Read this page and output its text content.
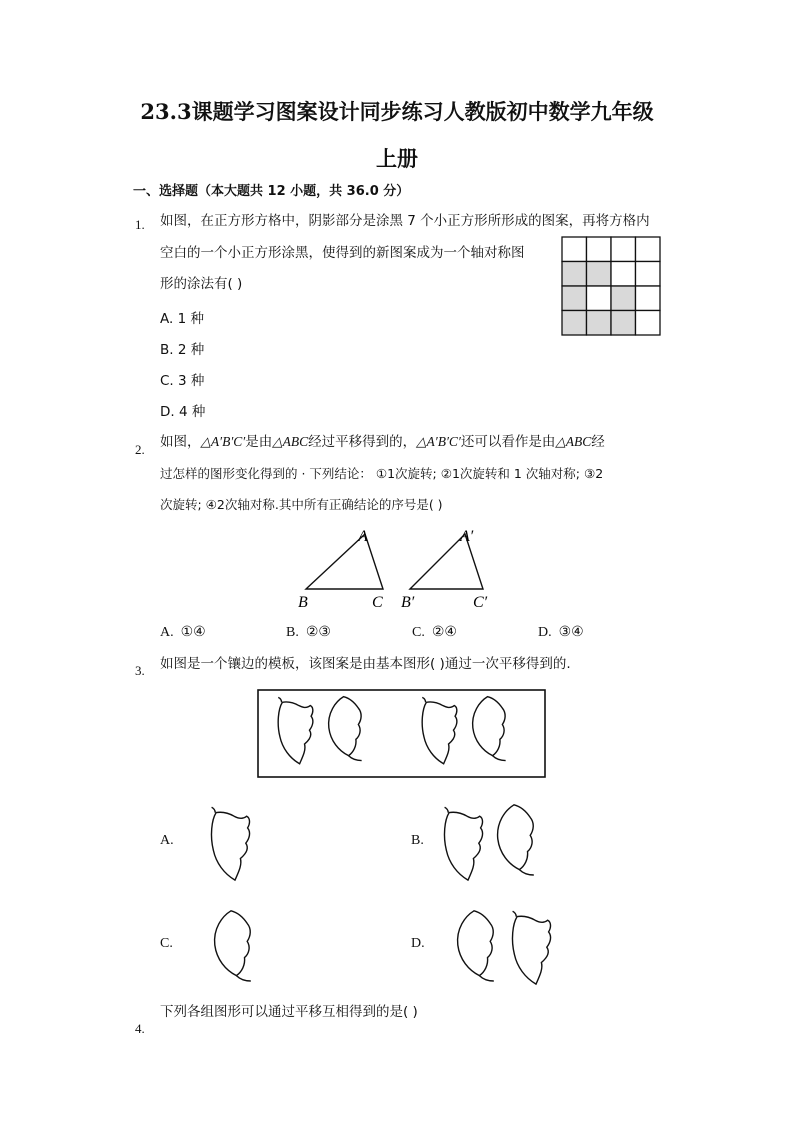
23.3课题学习图案设计同步练习人教版初中数学九年级
上册
一、选择题（本大题共 12 小题，共 36.0 分）
1. 如图，在正方形方格中，阴影部分是涂黑 7 个小正方形所形成的图案，再将方格内
空白的一个小正方形涂黑，使得到的新图案成为一个轴对称图
形的涂法有( )
A. 1 种
B. 2 种
C. 3 种
D. 4 种
2. 如图，△A′B′C′是由△ABC经过平移得到的，△A′B′C′还可以看作是由△ABC经
过怎样的图形变化得到的 · 下列结论： ①1次旋转; ②1次旋转和 1 次轴对称; ③2
次旋转; ④2次轴对称.其中所有正确结论的序号是( )
A
B	C
A′
B′	C′
A. ①④	B. ②③	C. ②④	D. ③④
3. 如图是一个镶边的模板，该图案是由基本图形( )通过一次平移得到的.
A.	B.
C.	D.
4.
下列各组图形可以通过平移互相得到的是( )
